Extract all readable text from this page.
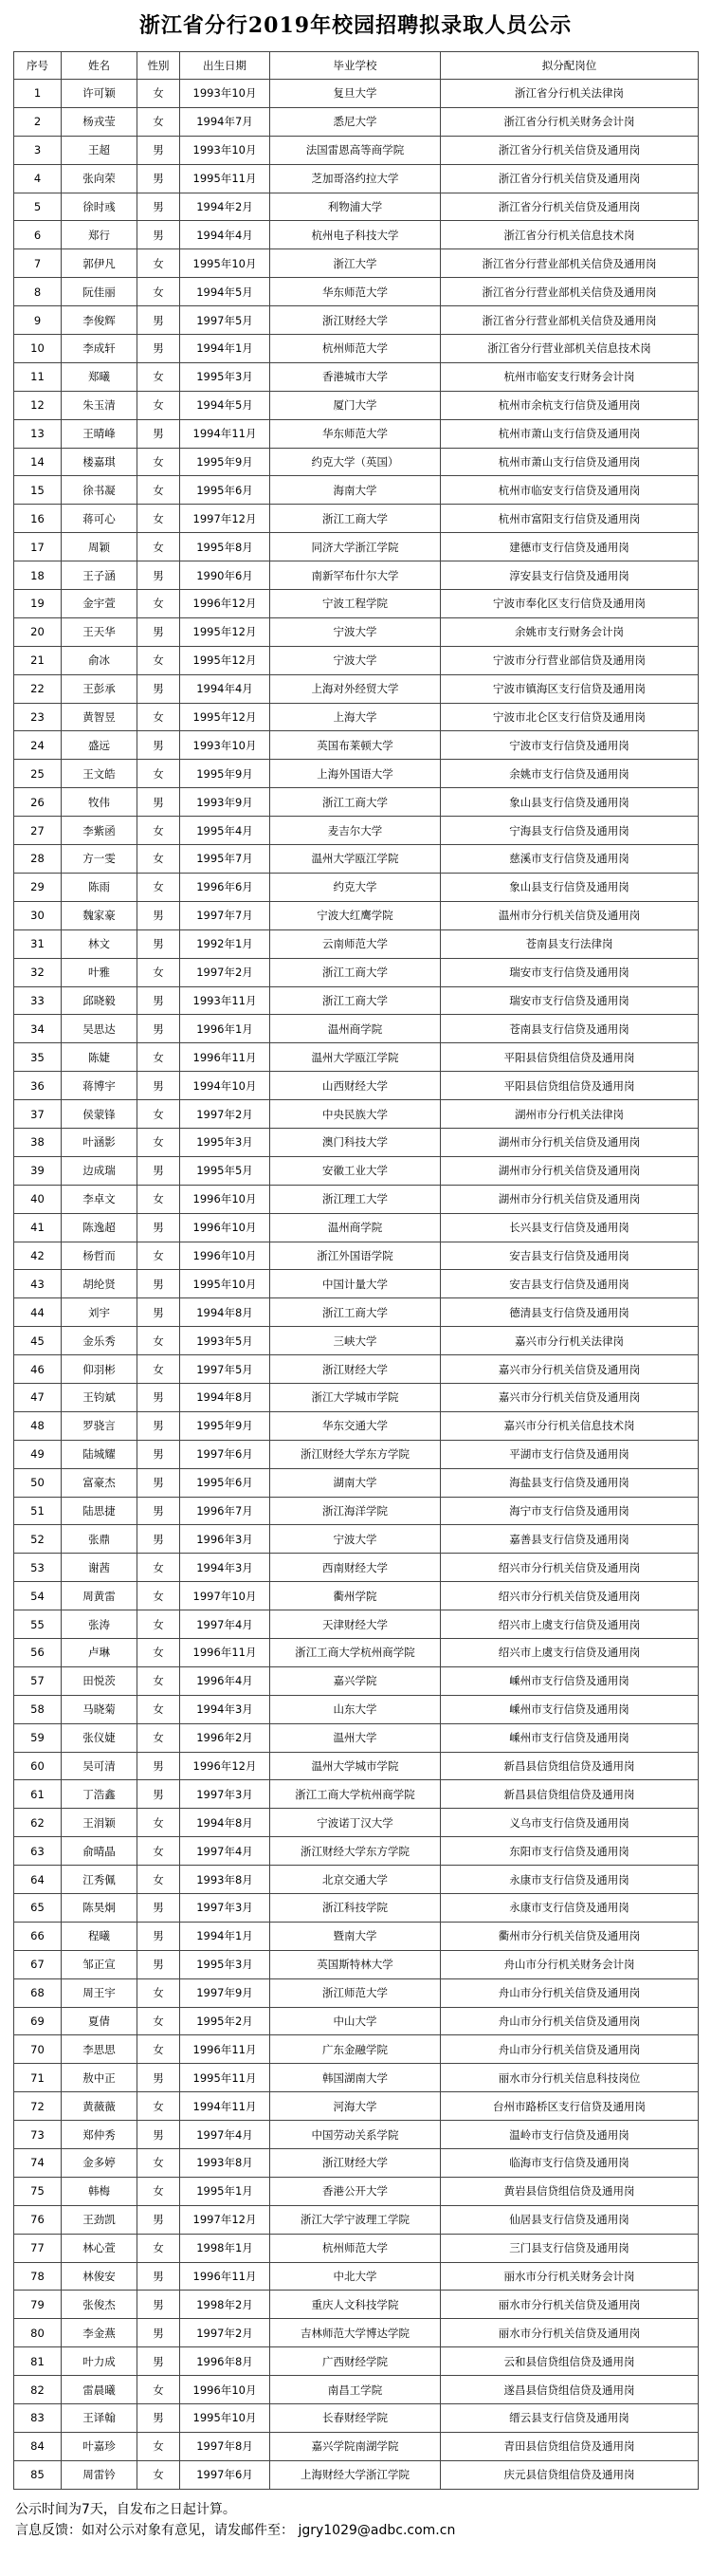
浙江省分行2019年校园招聘拟录取人员公示
序号	姓名	性别	出生日期	毕业学校	拟分配岗位
1	许可颖	女	1993年10月	复旦大学	浙江省分行机关法律岗
2	杨戎莹	女	1994年7月	悉尼大学	浙江省分行机关财务会计岗
3	王超	男	1993年10月	法国雷恩高等商学院	浙江省分行机关信贷及通用岗
4	张向荣	男	1995年11月	芝加哥洛约拉大学	浙江省分行机关信贷及通用岗
5	徐时彧	男	1994年2月	利物浦大学	浙江省分行机关信贷及通用岗
6	郑行	男	1994年4月	杭州电子科技大学	浙江省分行机关信息技术岗
7	郭伊凡	女	1995年10月	浙江大学	浙江省分行营业部机关信贷及通用岗
8	阮佳丽	女	1994年5月	华东师范大学	浙江省分行营业部机关信贷及通用岗
9	李俊辉	男	1997年5月	浙江财经大学	浙江省分行营业部机关信贷及通用岗
10	李成轩	男	1994年1月	杭州师范大学	浙江省分行营业部机关信息技术岗
11	郑曦	女	1995年3月	香港城市大学	杭州市临安支行财务会计岗
12	朱玉清	女	1994年5月	厦门大学	杭州市余杭支行信贷及通用岗
13	王晴峰	男	1994年11月	华东师范大学	杭州市萧山支行信贷及通用岗
14	楼嘉琪	女	1995年9月	约克大学（英国）	杭州市萧山支行信贷及通用岗
15	徐书凝	女	1995年6月	海南大学	杭州市临安支行信贷及通用岗
16	蒋可心	女	1997年12月	浙江工商大学	杭州市富阳支行信贷及通用岗
17	周颖	女	1995年8月	同济大学浙江学院	建德市支行信贷及通用岗
18	王子涵	男	1990年6月	南新罕布什尔大学	淳安县支行信贷及通用岗
19	金宇萱	女	1996年12月	宁波工程学院	宁波市奉化区支行信贷及通用岗
20	王天华	男	1995年12月	宁波大学	余姚市支行财务会计岗
21	俞冰	女	1995年12月	宁波大学	宁波市分行营业部信贷及通用岗
22	王彭承	男	1994年4月	上海对外经贸大学	宁波市镇海区支行信贷及通用岗
23	黄智昱	女	1995年12月	上海大学	宁波市北仑区支行信贷及通用岗
24	盛远	男	1993年10月	英国布莱顿大学	宁波市支行信贷及通用岗
25	王文皓	女	1995年9月	上海外国语大学	余姚市支行信贷及通用岗
26	牧伟	男	1993年9月	浙江工商大学	象山县支行信贷及通用岗
27	李紫函	女	1995年4月	麦吉尔大学	宁海县支行信贷及通用岗
28	方一雯	女	1995年7月	温州大学瓯江学院	慈溪市支行信贷及通用岗
29	陈雨	女	1996年6月	约克大学	象山县支行信贷及通用岗
30	魏家豪	男	1997年7月	宁波大红鹰学院	温州市分行机关信贷及通用岗
31	林文	男	1992年1月	云南师范大学	苍南县支行法律岗
32	叶雅	女	1997年2月	浙江工商大学	瑞安市支行信贷及通用岗
33	邱晓毅	男	1993年11月	浙江工商大学	瑞安市支行信贷及通用岗
34	吴思达	男	1996年1月	温州商学院	苍南县支行信贷及通用岗
35	陈婕	女	1996年11月	温州大学瓯江学院	平阳县信贷组信贷及通用岗
36	蒋博宇	男	1994年10月	山西财经大学	平阳县信贷组信贷及通用岗
37	侯蒙锋	女	1997年2月	中央民族大学	湖州市分行机关法律岗
38	叶涵影	女	1995年3月	澳门科技大学	湖州市分行机关信贷及通用岗
39	边成瑞	男	1995年5月	安徽工业大学	湖州市分行机关信贷及通用岗
40	李卓文	女	1996年10月	浙江理工大学	湖州市分行机关信贷及通用岗
41	陈逸超	男	1996年10月	温州商学院	长兴县支行信贷及通用岗
42	杨哲而	女	1996年10月	浙江外国语学院	安吉县支行信贷及通用岗
43	胡纶贤	男	1995年10月	中国计量大学	安吉县支行信贷及通用岗
44	刘宇	男	1994年8月	浙江工商大学	德清县支行信贷及通用岗
45	金乐秀	女	1993年5月	三峡大学	嘉兴市分行机关法律岗
46	仰羽彬	女	1997年5月	浙江财经大学	嘉兴市分行机关信贷及通用岗
47	王钧斌	男	1994年8月	浙江大学城市学院	嘉兴市分行机关信贷及通用岗
48	罗骁言	男	1995年9月	华东交通大学	嘉兴市分行机关信息技术岗
49	陆城耀	男	1997年6月	浙江财经大学东方学院	平湖市支行信贷及通用岗
50	富豪杰	男	1995年6月	湖南大学	海盐县支行信贷及通用岗
51	陆思捷	男	1996年7月	浙江海洋学院	海宁市支行信贷及通用岗
52	张鼎	男	1996年3月	宁波大学	嘉善县支行信贷及通用岗
53	谢茜	女	1994年3月	西南财经大学	绍兴市分行机关信贷及通用岗
54	周黄雷	女	1997年10月	衢州学院	绍兴市分行机关信贷及通用岗
55	张涛	女	1997年4月	天津财经大学	绍兴市上虞支行信贷及通用岗
56	卢琳	女	1996年11月	浙江工商大学杭州商学院	绍兴市上虞支行信贷及通用岗
57	田悦茨	女	1996年4月	嘉兴学院	嵊州市支行信贷及通用岗
58	马晓菊	女	1994年3月	山东大学	嵊州市支行信贷及通用岗
59	张仪婕	女	1996年2月	温州大学	嵊州市支行信贷及通用岗
60	吴可清	男	1996年12月	温州大学城市学院	新昌县信贷组信贷及通用岗
61	丁浩鑫	男	1997年3月	浙江工商大学杭州商学院	新昌县信贷组信贷及通用岗
62	王涓颖	女	1994年8月	宁波诺丁汉大学	义乌市支行信贷及通用岗
63	俞晴晶	女	1997年4月	浙江财经大学东方学院	东阳市支行信贷及通用岗
64	江秀佩	女	1993年8月	北京交通大学	永康市支行信贷及通用岗
65	陈昊炯	男	1997年3月	浙江科技学院	永康市支行信贷及通用岗
66	程曦	男	1994年1月	暨南大学	衢州市分行机关信贷及通用岗
67	邹正宣	男	1995年3月	英国斯特林大学	舟山市分行机关财务会计岗
68	周王宇	女	1997年9月	浙江师范大学	舟山市分行机关信贷及通用岗
69	夏倩	女	1995年2月	中山大学	舟山市分行机关信贷及通用岗
70	李思思	女	1996年11月	广东金融学院	舟山市分行机关信贷及通用岗
71	敖中正	男	1995年11月	韩国湖南大学	丽水市分行机关信息科技岗位
72	黄薇薇	女	1994年11月	河海大学	台州市路桥区支行信贷及通用岗
73	郑仲秀	男	1997年4月	中国劳动关系学院	温岭市支行信贷及通用岗
74	金多婷	女	1993年8月	浙江财经大学	临海市支行信贷及通用岗
75	韩梅	女	1995年1月	香港公开大学	黄岩县信贷组信贷及通用岗
76	王劲凯	男	1997年12月	浙江大学宁波理工学院	仙居县支行信贷及通用岗
77	林心萱	女	1998年1月	杭州师范大学	三门县支行信贷及通用岗
78	林俊安	男	1996年11月	中北大学	丽水市分行机关财务会计岗
79	张俊杰	男	1998年2月	重庆人文科技学院	丽水市分行机关信贷及通用岗
80	李金燕	男	1997年2月	吉林师范大学博达学院	丽水市分行机关信贷及通用岗
81	叶力成	男	1996年8月	广西财经学院	云和县信贷组信贷及通用岗
82	雷晨曦	女	1996年10月	南昌工学院	遂昌县信贷组信贷及通用岗
83	王译翰	男	1995年10月	长春财经学院	缙云县支行信贷及通用岗
84	叶嘉珍	女	1997年8月	嘉兴学院南湖学院	青田县信贷组信贷及通用岗
85	周雷钤	女	1997年6月	上海财经大学浙江学院	庆元县信贷组信贷及通用岗
公示时间为7天，自发布之日起计算。
言息反馈：如对公示对象有意见，请发邮件至： jgry1029@adbc.com.cn
